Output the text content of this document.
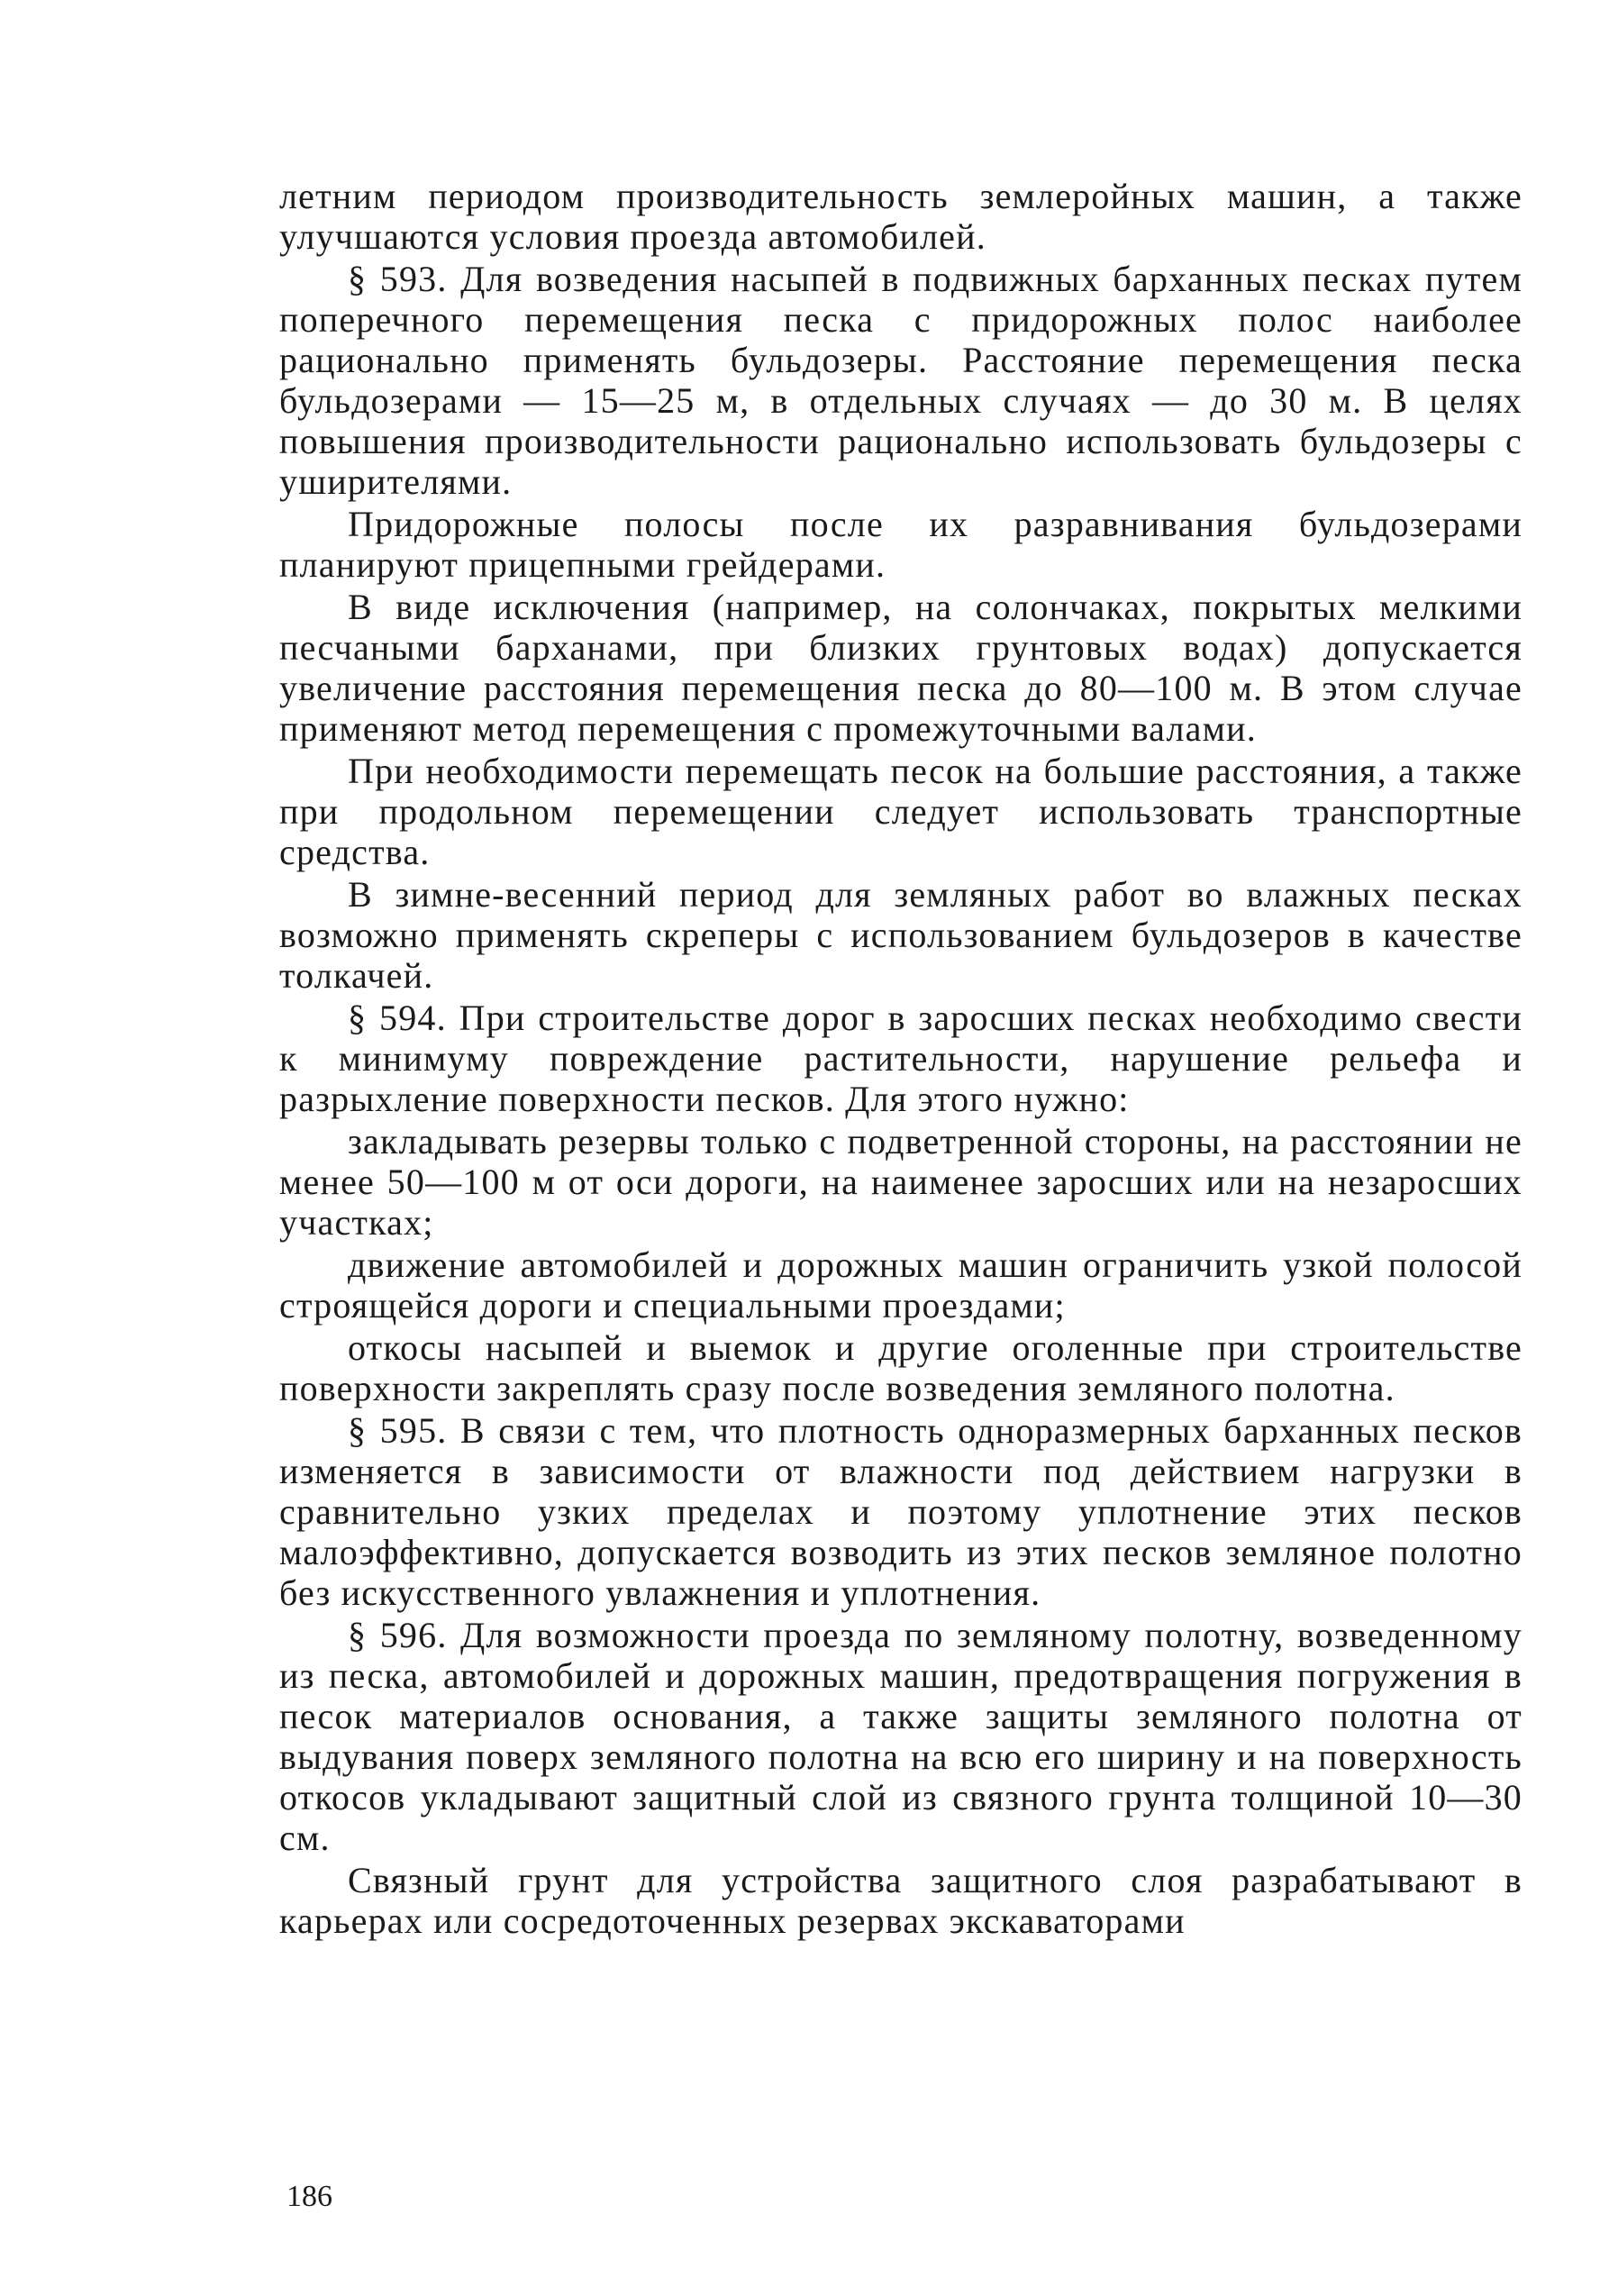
летним периодом производительность землеройных машин, а также улучшаются условия проезда автомобилей.

§ 593. Для возведения насыпей в подвижных барханных песках путем поперечного перемещения песка с придорожных полос наиболее рационально применять бульдозеры. Расстояние перемещения песка бульдозерами — 15—25 м, в отдельных случаях — до 30 м. В целях повышения производительности рационально использовать бульдозеры с уширителями.

Придорожные полосы после их разравнивания бульдозерами планируют прицепными грейдерами.

В виде исключения (например, на солончаках, покрытых мелкими песчаными барханами, при близких грунтовых водах) допускается увеличение расстояния перемещения песка до 80—100 м. В этом случае применяют метод перемещения с промежуточными валами.

При необходимости перемещать песок на большие расстояния, а также при продольном перемещении следует использовать транспортные средства.

В зимне-весенний период для земляных работ во влажных песках возможно применять скреперы с использованием бульдозеров в качестве толкачей.

§ 594. При строительстве дорог в заросших песках необходимо свести к минимуму повреждение растительности, нарушение рельефа и разрыхление поверхности песков. Для этого нужно:

закладывать резервы только с подветренной стороны, на расстоянии не менее 50—100 м от оси дороги, на наименее заросших или на незаросших участках;

движение автомобилей и дорожных машин ограничить узкой полосой строящейся дороги и специальными проездами;

откосы насыпей и выемок и другие оголенные при строительстве поверхности закреплять сразу после возведения земляного полотна.

§ 595. В связи с тем, что плотность одноразмерных барханных песков изменяется в зависимости от влажности под действием нагрузки в сравнительно узких пределах и поэтому уплотнение этих песков малоэффективно, допускается возводить из этих песков земляное полотно без искусственного увлажнения и уплотнения.

§ 596. Для возможности проезда по земляному полотну, возведенному из песка, автомобилей и дорожных машин, предотвращения погружения в песок материалов основания, а также защиты земляного полотна от выдувания поверх земляного полотна на всю его ширину и на поверхность откосов укладывают защитный слой из связного грунта толщиной 10—30 см.

Связный грунт для устройства защитного слоя разрабатывают в карьерах или сосредоточенных резервах экскаваторами

186
